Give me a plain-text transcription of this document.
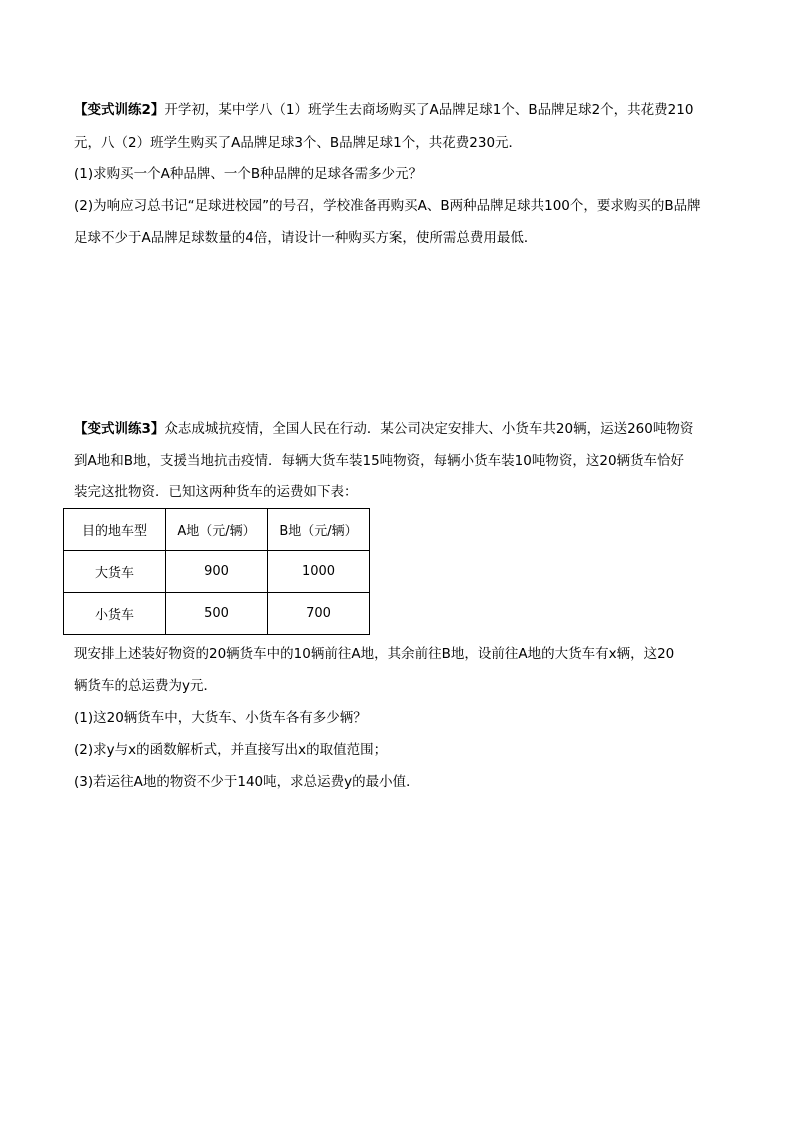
【变式训练2】开学初，某中学八（1）班学生去商场购买了A品牌足球1个、B品牌足球2个，共花费210
元，八（2）班学生购买了A品牌足球3个、B品牌足球1个，共花费230元．
(1)求购买一个A种品牌、一个B种品牌的足球各需多少元？
(2)为响应习总书记“足球进校园”的号召，学校准备再购买A、B两种品牌足球共100个，要求购买的B品牌
足球不少于A品牌足球数量的4倍，请设计一种购买方案，使所需总费用最低．
【变式训练3】众志成城抗疫情，全国人民在行动．某公司决定安排大、小货车共20辆，运送260吨物资
到A地和B地，支援当地抗击疫情．每辆大货车装15吨物资，每辆小货车装10吨物资，这20辆货车恰好
装完这批物资．已知这两种货车的运费如下表：
目的地车型	A地（元/辆）	B地（元/辆）
大货车	900	1000
小货车	500	700
现安排上述装好物资的20辆货车中的10辆前往A地，其余前往B地，设前往A地的大货车有x辆，这20
辆货车的总运费为y元．
(1)这20辆货车中，大货车、小货车各有多少辆？
(2)求y与x的函数解析式，并直接写出x的取值范围；
(3)若运往A地的物资不少于140吨，求总运费y的最小值．
